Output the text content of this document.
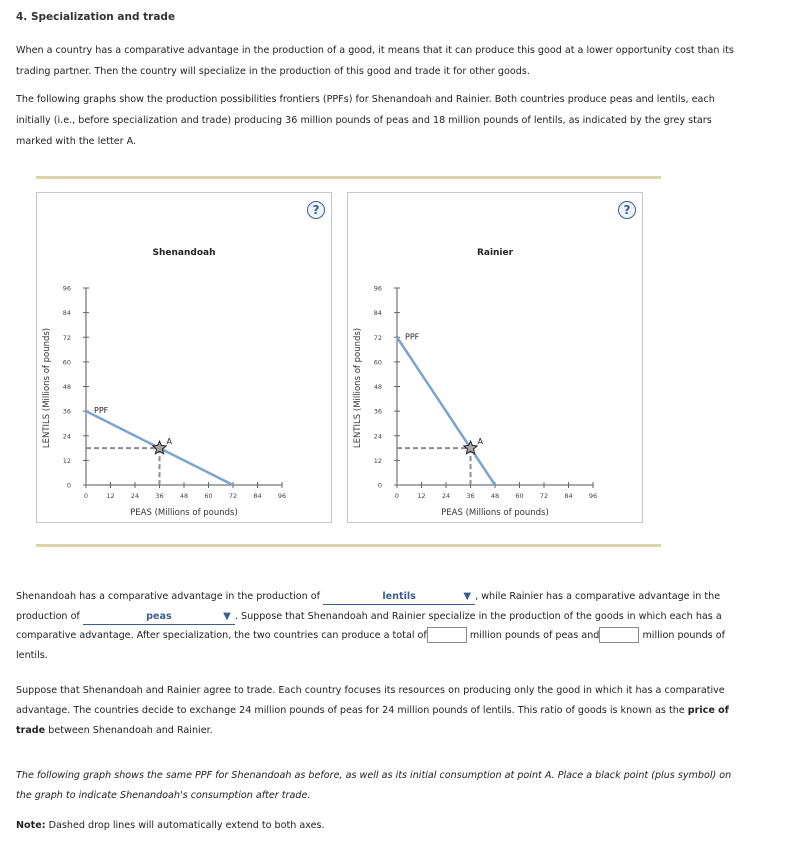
4. Specialization and trade

When a country has a comparative advantage in the production of a good, it means that it can produce this good at a lower opportunity cost than its trading partner. Then the country will specialize in the production of this good and trade it for other goods.

The following graphs show the production possibilities frontiers (PPFs) for Shenandoah and Rainier. Both countries produce peas and lentils, each initially (i.e., before specialization and trade) producing 36 million pounds of peas and 18 million pounds of lentils, as indicated by the grey stars marked with the letter A.

?
Shenandoah
0
12
24
36
48
60
72
84
96
0	12 24 36 48 60 72 84 96
PEAS (Millions of pounds)
LENTILS (Millions of pounds)	PPF
A
?
Rainier
0
12
24
36
48
60
72
84
96
0	12 24 36 48 60 72 84 96
PEAS (Millions of pounds)
LENTILS (Millions of pounds)	PPF
A

Shenandoah has a comparative advantage in the production of	lentils	▼ , while Rainier has a comparative advantage in the production of	peas	▼ . Suppose that Shenandoah and Rainier specialize in the production of the goods in which each has a comparative advantage. After specialization, the two countries can produce a total of	million pounds of peas and	million pounds of lentils.

Suppose that Shenandoah and Rainier agree to trade. Each country focuses its resources on producing only the good in which it has a comparative advantage. The countries decide to exchange 24 million pounds of peas for 24 million pounds of lentils. This ratio of goods is known as the price of trade between Shenandoah and Rainier.

The following graph shows the same PPF for Shenandoah as before, as well as its initial consumption at point A. Place a black point (plus symbol) on the graph to indicate Shenandoah's consumption after trade.

Note: Dashed drop lines will automatically extend to both axes.
